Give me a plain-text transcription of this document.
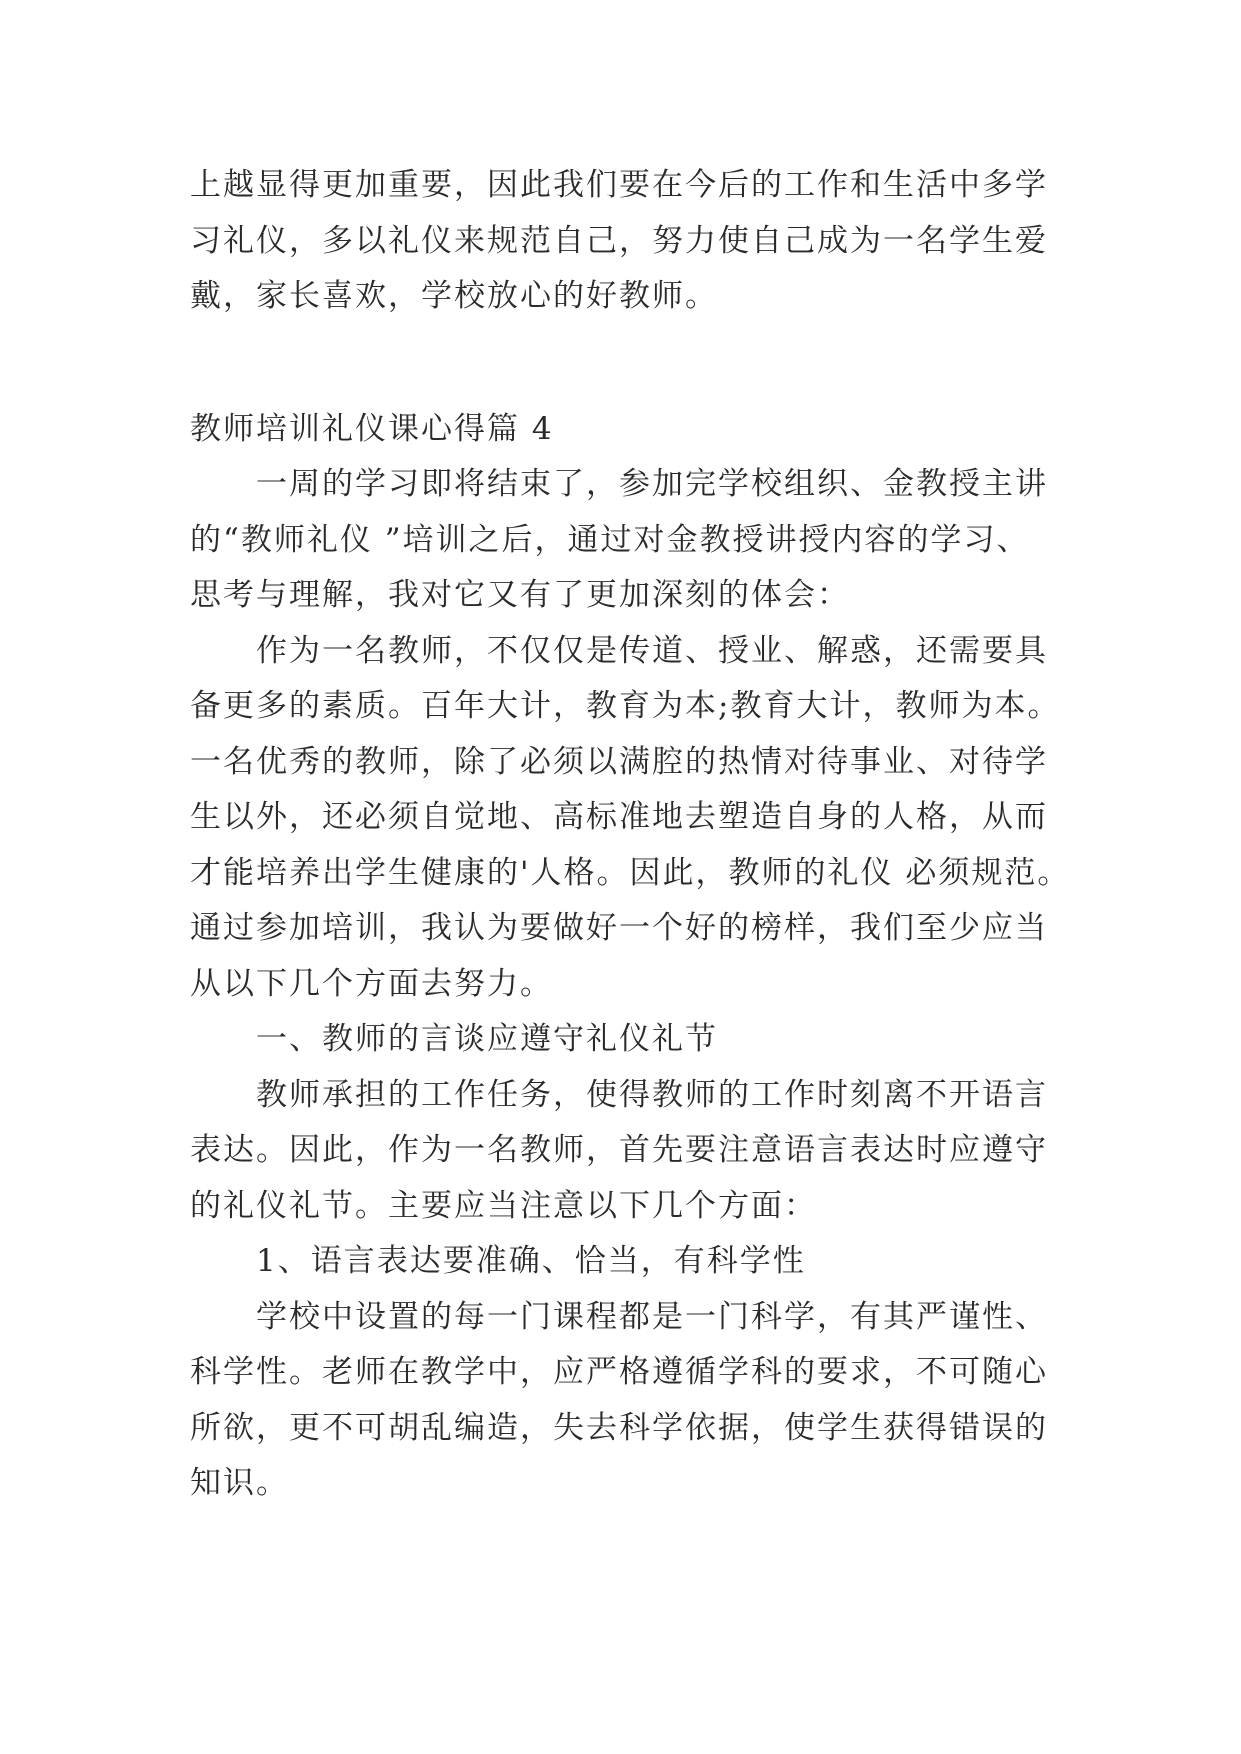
上越显得更加重要，因此我们要在今后的工作和生活中多学
习礼仪，多以礼仪来规范自己，努力使自己成为一名学生爱
戴，家长喜欢，学校放心的好教师。
教师培训礼仪课心得篇 4
一周的学习即将结束了，参加完学校组织、金教授主讲
的“教师礼仪 ”培训之后，通过对金教授讲授内容的学习、
思考与理解，我对它又有了更加深刻的体会：
作为一名教师，不仅仅是传道、授业、解惑，还需要具
备更多的素质。百年大计，教育为本;教育大计，教师为本。
一名优秀的教师，除了必须以满腔的热情对待事业、对待学
生以外，还必须自觉地、高标准地去塑造自身的人格，从而
才能培养出学生健康的'人格。因此，教师的礼仪 必须规范。
通过参加培训，我认为要做好一个好的榜样，我们至少应当
从以下几个方面去努力。
一、教师的言谈应遵守礼仪礼节
教师承担的工作任务，使得教师的工作时刻离不开语言
表达。因此，作为一名教师，首先要注意语言表达时应遵守
的礼仪礼节。主要应当注意以下几个方面：
1、语言表达要准确、恰当，有科学性
学校中设置的每一门课程都是一门科学，有其严谨性、
科学性。老师在教学中，应严格遵循学科的要求，不可随心
所欲，更不可胡乱编造，失去科学依据，使学生获得错误的
知识。
